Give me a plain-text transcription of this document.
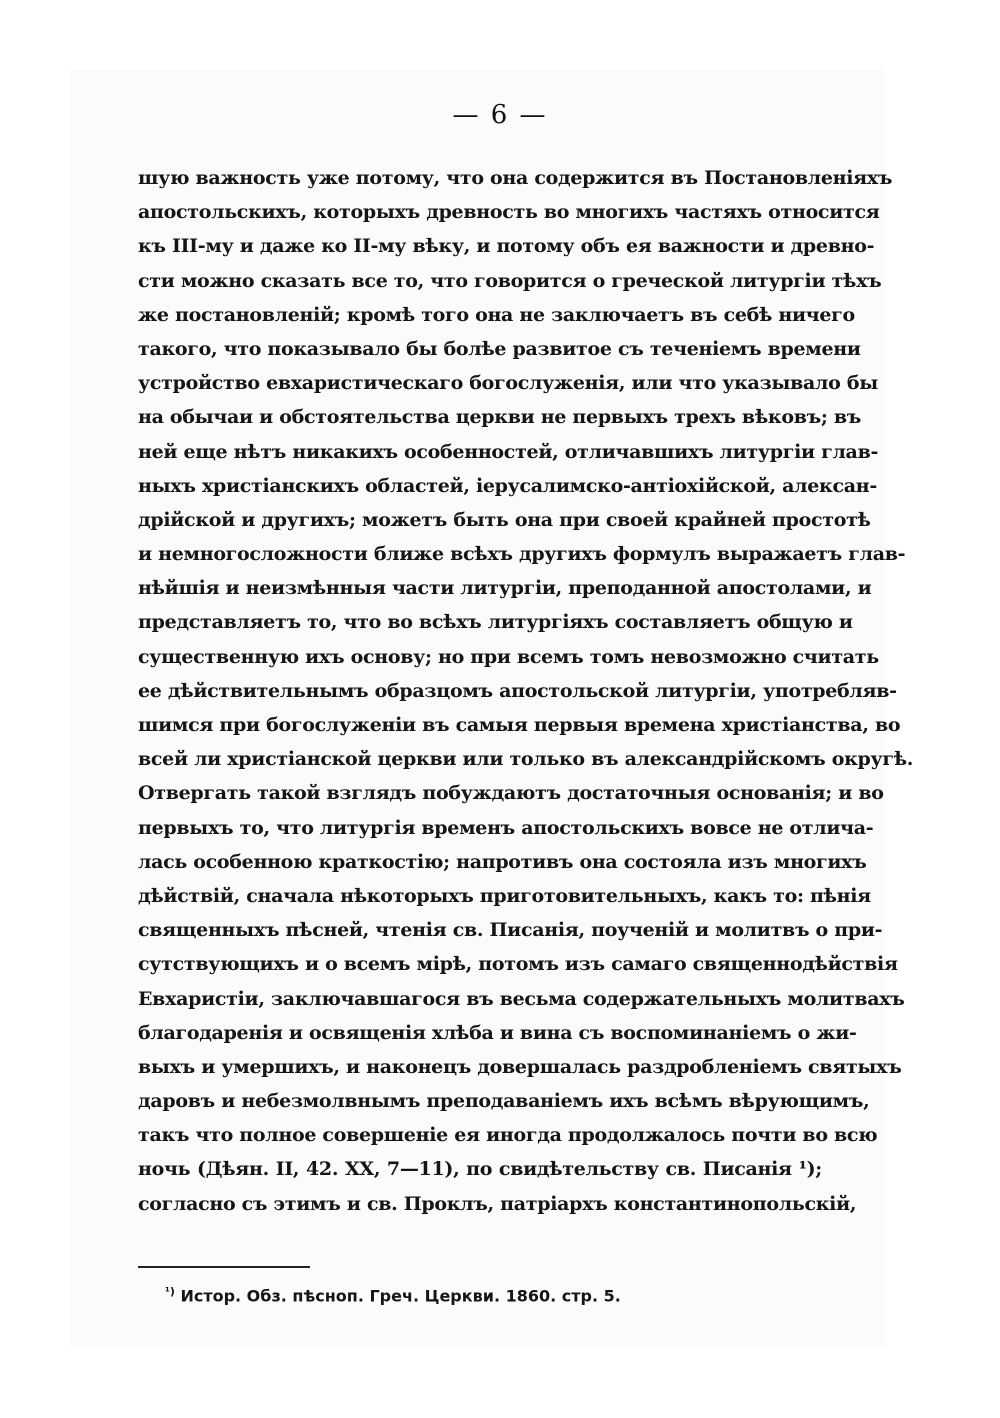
— 6 —
шую важность уже потому, что она содержится въ Постановленіяхъ
апостольскихъ, которыхъ древность во многихъ частяхъ относится
къ III-му и даже ко II-му вѣку, и потому объ ея важности и древно-
сти можно сказать все то, что говорится о греческой литургіи тѣхъ
же постановленій; кромѣ того она не заключаетъ въ себѣ ничего
такого, что показывало бы болѣе развитое съ теченіемъ времени
устройство евхаристическаго богослуженія, или что указывало бы
на обычаи и обстоятельства церкви не первыхъ трехъ вѣковъ; въ
ней еще нѣтъ никакихъ особенностей, отличавшихъ литургіи глав-
ныхъ христіанскихъ областей, іерусалимско-антіохійской, алексан-
дрійской и другихъ; можетъ быть она при своей крайней простотѣ
и немногосложности ближе всѣхъ другихъ формулъ выражаетъ глав-
нѣйшія и неизмѣнныя части литургіи, преподанной апостолами, и
представляетъ то, что во всѣхъ литургіяхъ составляетъ общую и
существенную ихъ основу; но при всемъ томъ невозможно считать
ее дѣйствительнымъ образцомъ апостольской литургіи, употребляв-
шимся при богослуженіи въ самыя первыя времена христіанства, во
всей ли христіанской церкви или только въ александрійскомъ округѣ.
Отвергать такой взглядъ побуждаютъ достаточныя основанія; и во
первыхъ то, что литургія временъ апостольскихъ вовсе не отлича-
лась особенною краткостію; напротивъ она состояла изъ многихъ
дѣйствій, сначала нѣкоторыхъ приготовительныхъ, какъ то: пѣнія
священныхъ пѣсней, чтенія св. Писанія, поученій и молитвъ о при-
сутствующихъ и о всемъ мірѣ, потомъ изъ самаго священнодѣйствія
Евхаристіи, заключавшагося въ весьма содержательныхъ молитвахъ
благодаренія и освященія хлѣба и вина съ воспоминаніемъ о жи-
выхъ и умершихъ, и наконецъ довершалась раздробленіемъ святыхъ
даровъ и небезмолвнымъ преподаваніемъ ихъ всѣмъ вѣрующимъ,
такъ что полное совершеніе ея иногда продолжалось почти во всю
ночь (Дѣян. II, 42. XX, 7—11), по свидѣтельству св. Писанія ¹);
согласно съ этимъ и св. Проклъ, патріархъ константинопольскій,
$^{^1)}$ Истор. Обз. пѣсноп. Греч. Церкви. 1860. стр. 5.
